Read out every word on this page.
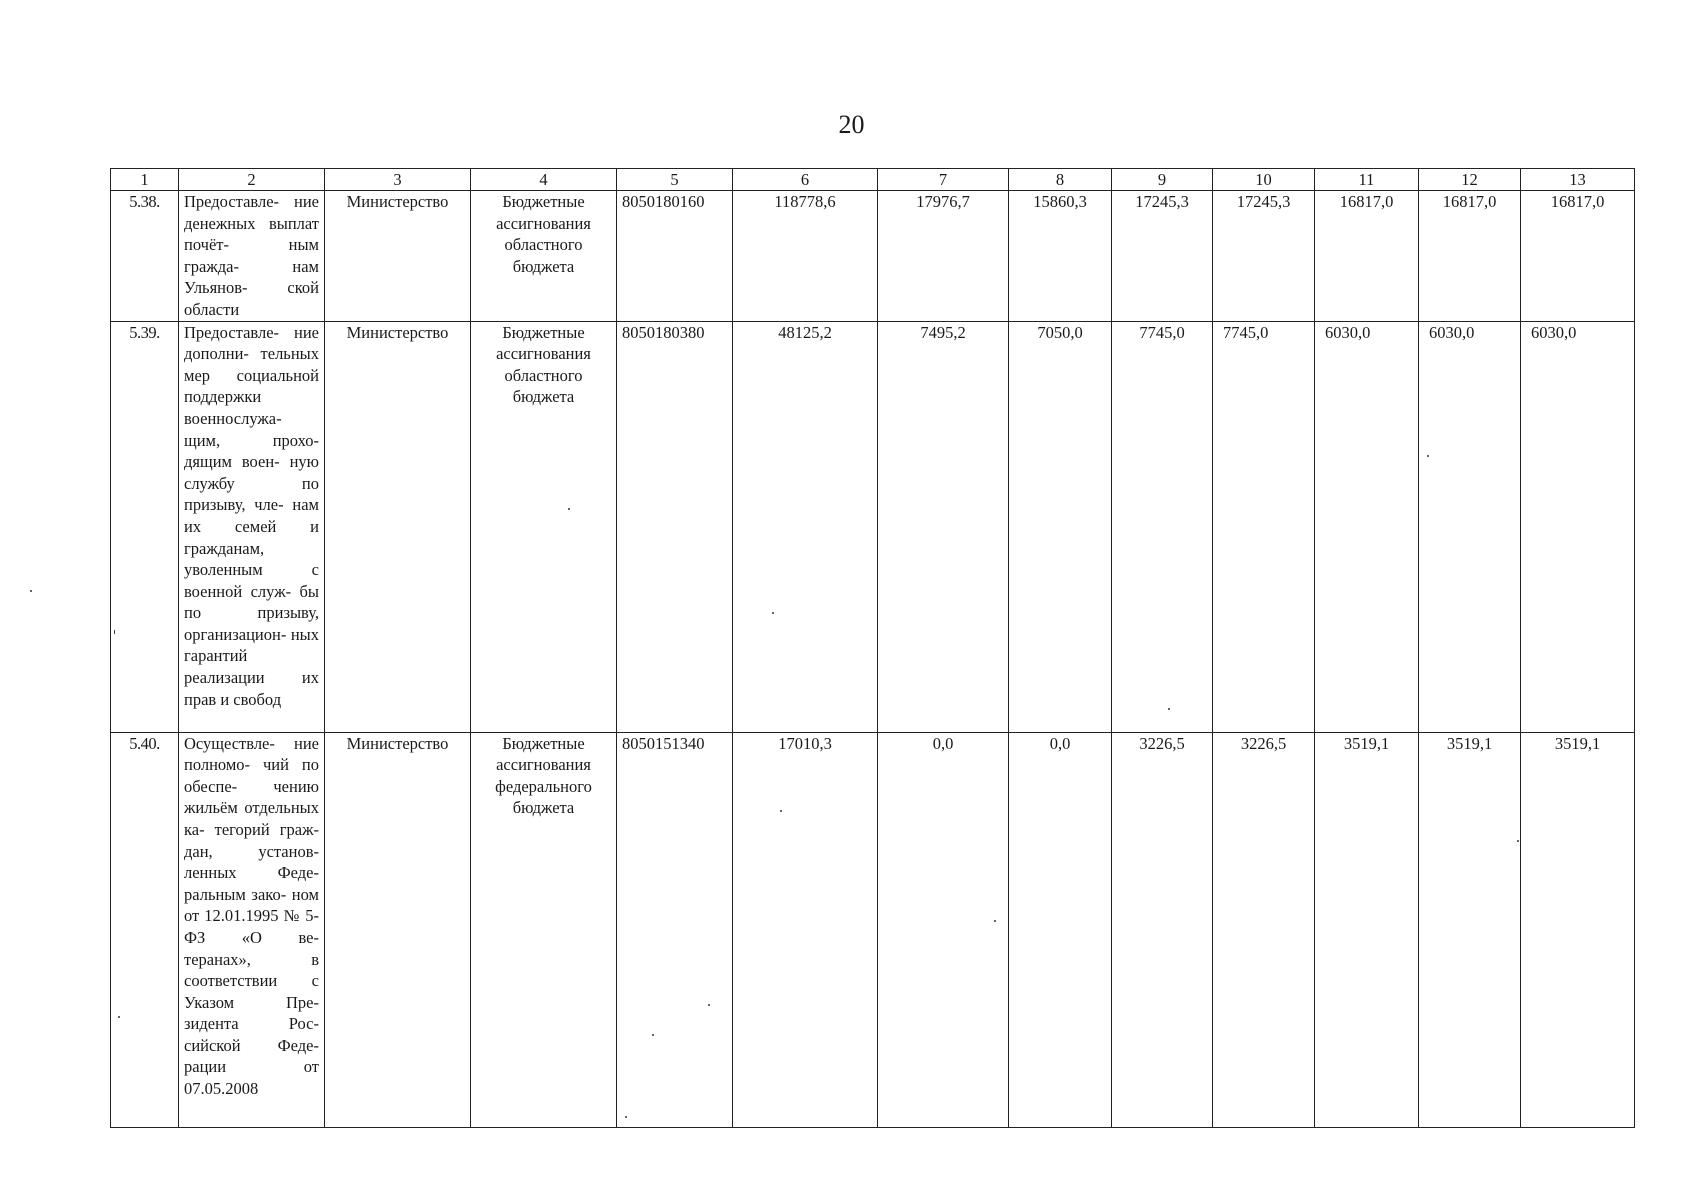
20
1	2	3	4	5	6	7	8	9	10	11	12	13
5.38.	Предоставле- ние денежных выплат почёт- ным гражда- нам Ульянов- ской области	Министерство	Бюджетные ассигнования областного бюджета	8050180160	118778,6	17976,7	15860,3	17245,3	17245,3	16817,0	16817,0	16817,0
5.39.	Предоставле- ние дополни- тельных мер социальной поддержки военнослужа- щим, прохо- дящим воен- ную службу по призыву, чле- нам их семей и гражданам, уволенным с военной служ- бы по призыву, организацион- ных гарантий реализации их прав и свобод	Министерство	Бюджетные ассигнования областного бюджета	8050180380	48125,2	7495,2	7050,0	7745,0	7745,0	6030,0	6030,0	6030,0
5.40.	Осуществле- ние полномо- чий по обеспе- чению жильём отдельных ка- тегорий граж- дан, установ- ленных Феде- ральным зако- ном от 12.01.1995 № 5-ФЗ «О ве- теранах», в соответствии с Указом Пре- зидента Рос- сийской Феде- рации от 07.05.2008	Министерство	Бюджетные ассигнования федерального бюджета	8050151340	17010,3	0,0	0,0	3226,5	3226,5	3519,1	3519,1	3519,1
